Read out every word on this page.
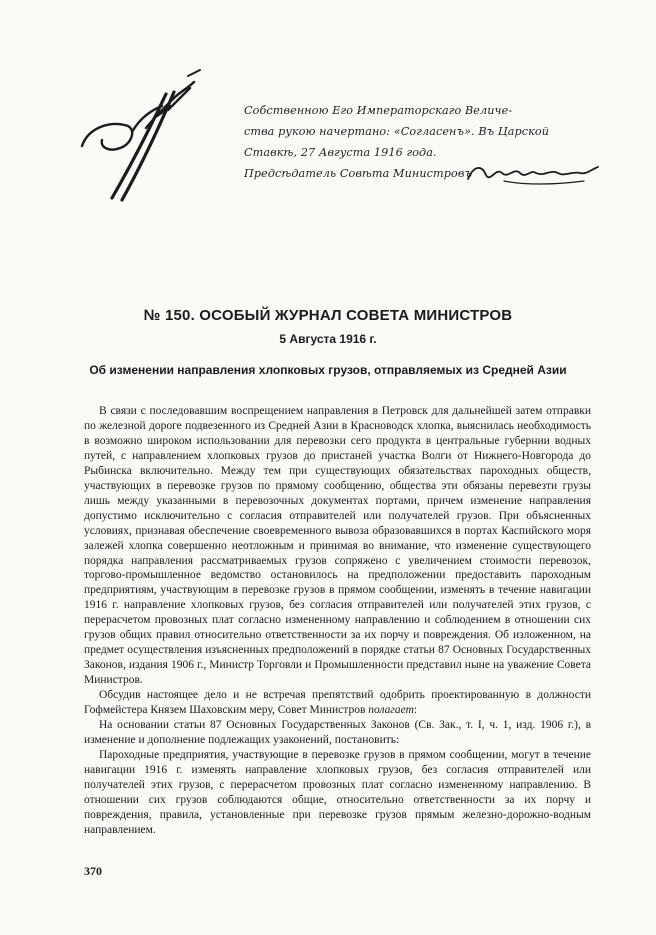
Собственною Его Императорскаго Величе-
ства рукою начертано: «Согласенъ». Въ Царской
Ставкѣ, 27 Августа 1916 года.
Предсѣдатель Совѣта Министровъ
№ 150. ОСОБЫЙ ЖУРНАЛ СОВЕТА МИНИСТРОВ
5 Августа 1916 г.
Об изменении направления хлопковых грузов, отправляемых из Средней Азии

В связи с последовавшим воспрещением направления в Петровск для дальнейшей затем отправки по железной дороге подвезенного из Средней Азии в Красноводск хлопка, выяснилась необходимость в возможно широком использовании для перевозки сего продукта в центральные губернии водных путей, с направлением хлопковых грузов до пристаней участка Волги от Нижнего-Новгорода до Рыбинска включительно. Между тем при существующих обязательствах пароходных обществ, участвующих в перевозке грузов по прямому сообщению, общества эти обязаны перевезти грузы лишь между указанными в перевозочных документах портами, причем изменение направления допустимо исключительно с согласия отправителей или получателей грузов. При объясненных условиях, признавая обеспечение своевременного вывоза образовавшихся в портах Каспийского моря залежей хлопка совершенно неотложным и принимая во внимание, что изменение существующего порядка направления рассматриваемых грузов сопряжено с увеличением стоимости перевозок, торгово-промышленное ведомство остановилось на предположении предоставить пароходным предприятиям, участвующим в перевозке грузов в прямом сообщении, изменять в течение навигации 1916 г. направление хлопковых грузов, без согласия отправителей или получателей этих грузов, с перерасчетом провозных плат согласно измененному направлению и соблюдением в отношении сих грузов общих правил относительно ответственности за их порчу и повреждения. Об изложенном, на предмет осуществления изъясненных предположений в порядке статьи 87 Основных Государственных Законов, издания 1906 г., Министр Торговли и Промышленности представил ныне на уважение Совета Министров.

Обсудив настоящее дело и не встречая препятствий одобрить проектированную в должности Гофмейстера Князем Шаховским меру, Совет Министров полагает:

На основании статьи 87 Основных Государственных Законов (Св. Зак., т. I, ч. 1, изд. 1906 г.), в изменение и дополнение подлежащих узаконений, постановить:

Пароходные предприятия, участвующие в перевозке грузов в прямом сообщении, могут в течение навигации 1916 г. изменять направление хлопковых грузов, без согласия отправителей или получателей этих грузов, с перерасчетом провозных плат согласно измененному направлению. В отношении сих грузов соблюдаются общие, относительно ответственности за их порчу и повреждения, правила, установленные при перевозке грузов прямым железно-дорожно-водным направлением.

370
